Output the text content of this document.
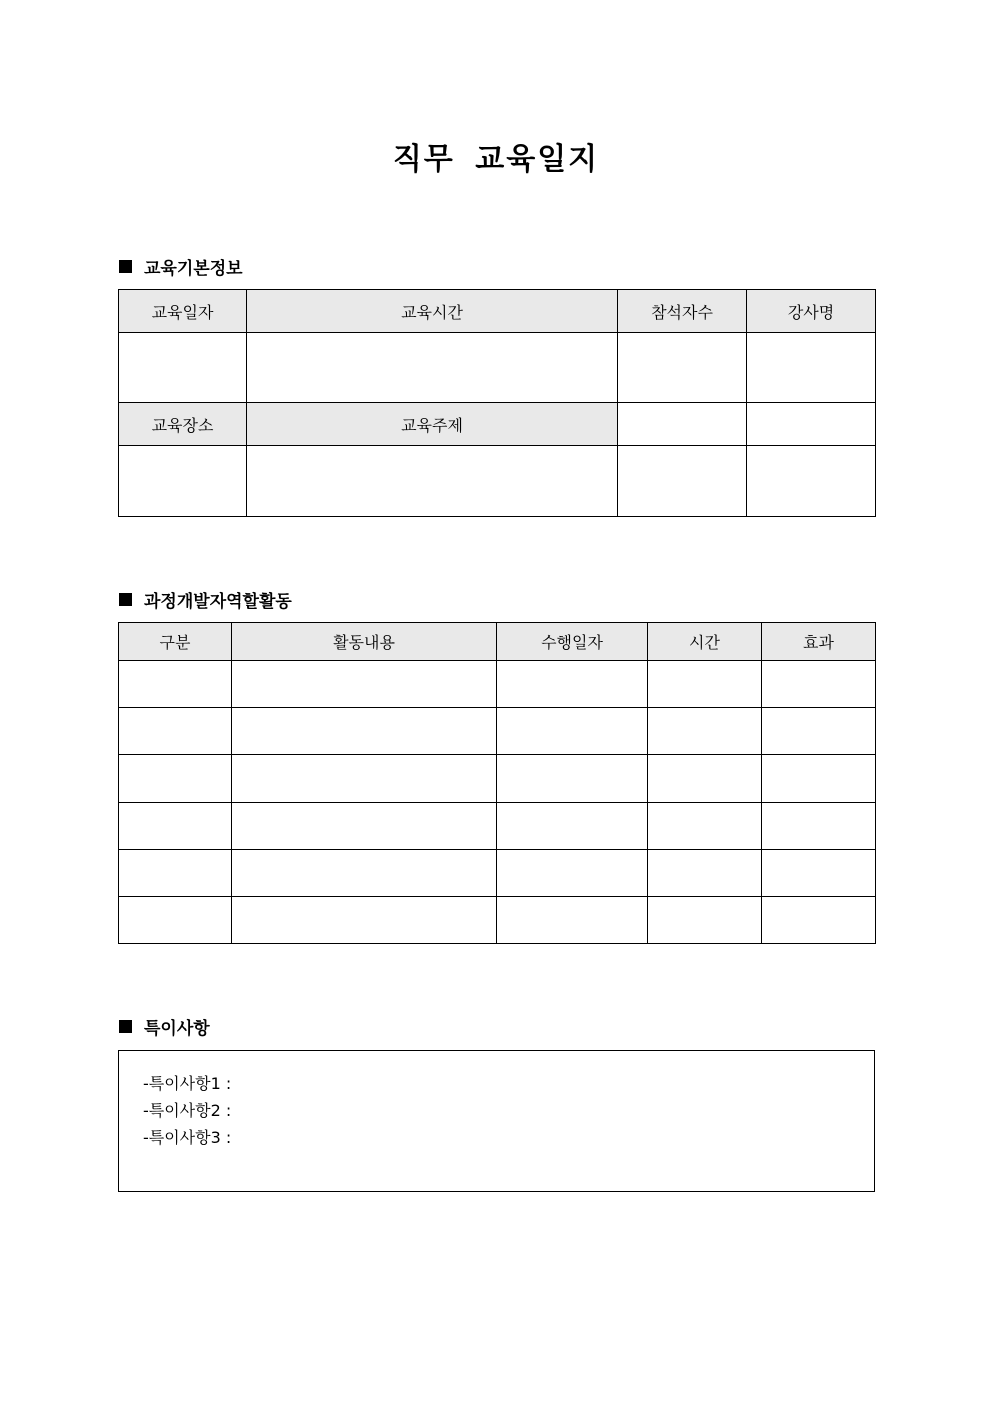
직무 교육일지
교육기본정보
교육일자	교육시간	참석자수	강사명

교육장소	교육주제		

과정개발자역할활동
구분	활동내용	수행일자	시간	효과

특이사항
-특이사항1 :
-특이사항2 :
-특이사항3 :
